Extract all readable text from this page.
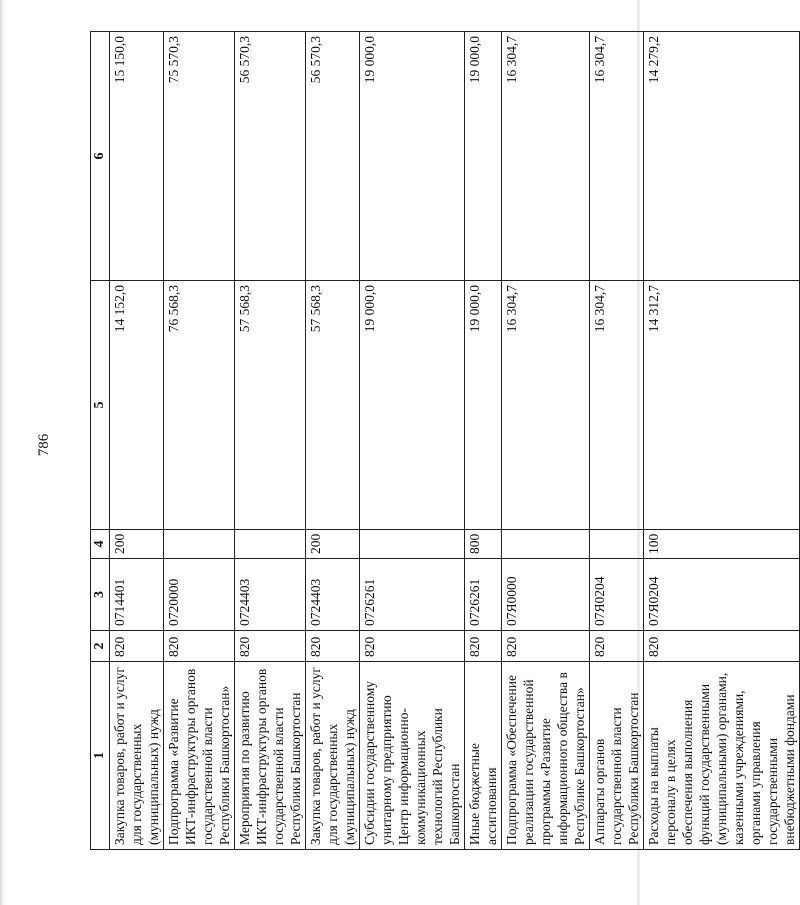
786
1	2	3	4	5	6
Закупка товаров, работ и услуг для государственных (муниципальных) нужд	820	0714401	200	14 152,0	15 150,0
Подпрограмма «Развитие ИКТ-инфраструктуры органов государственной власти Республики Башкортостан»	820	0720000		76 568,3	75 570,3
Мероприятия по развитию ИКТ-инфраструктуры органов государственной власти Республики Башкортостан	820	0724403		57 568,3	56 570,3
Закупка товаров, работ и услуг для государственных (муниципальных) нужд	820	0724403	200	57 568,3	56 570,3
Субсидии государственному унитарному предприятию Центр информационно-коммуникационных технологий Республики Башкортостан	820	0726261		19 000,0	19 000,0
Иные бюджетные ассигнования	820	0726261	800	19 000,0	19 000,0
Подпрограмма «Обеспечение реализации государственной программы «Развитие информационного общества в Республике Башкортостан»	820	07Я0000		16 304,7	16 304,7
Аппараты органов государственной власти Республики Башкортостан	820	07Я0204		16 304,7	16 304,7
Расходы на выплаты персоналу в целях обеспечения выполнения функций государственными (муниципальными) органами, казенными учреждениями, органами управления государственными внебюджетными фондами	820	07Я0204	100	14 312,7	14 279,2
